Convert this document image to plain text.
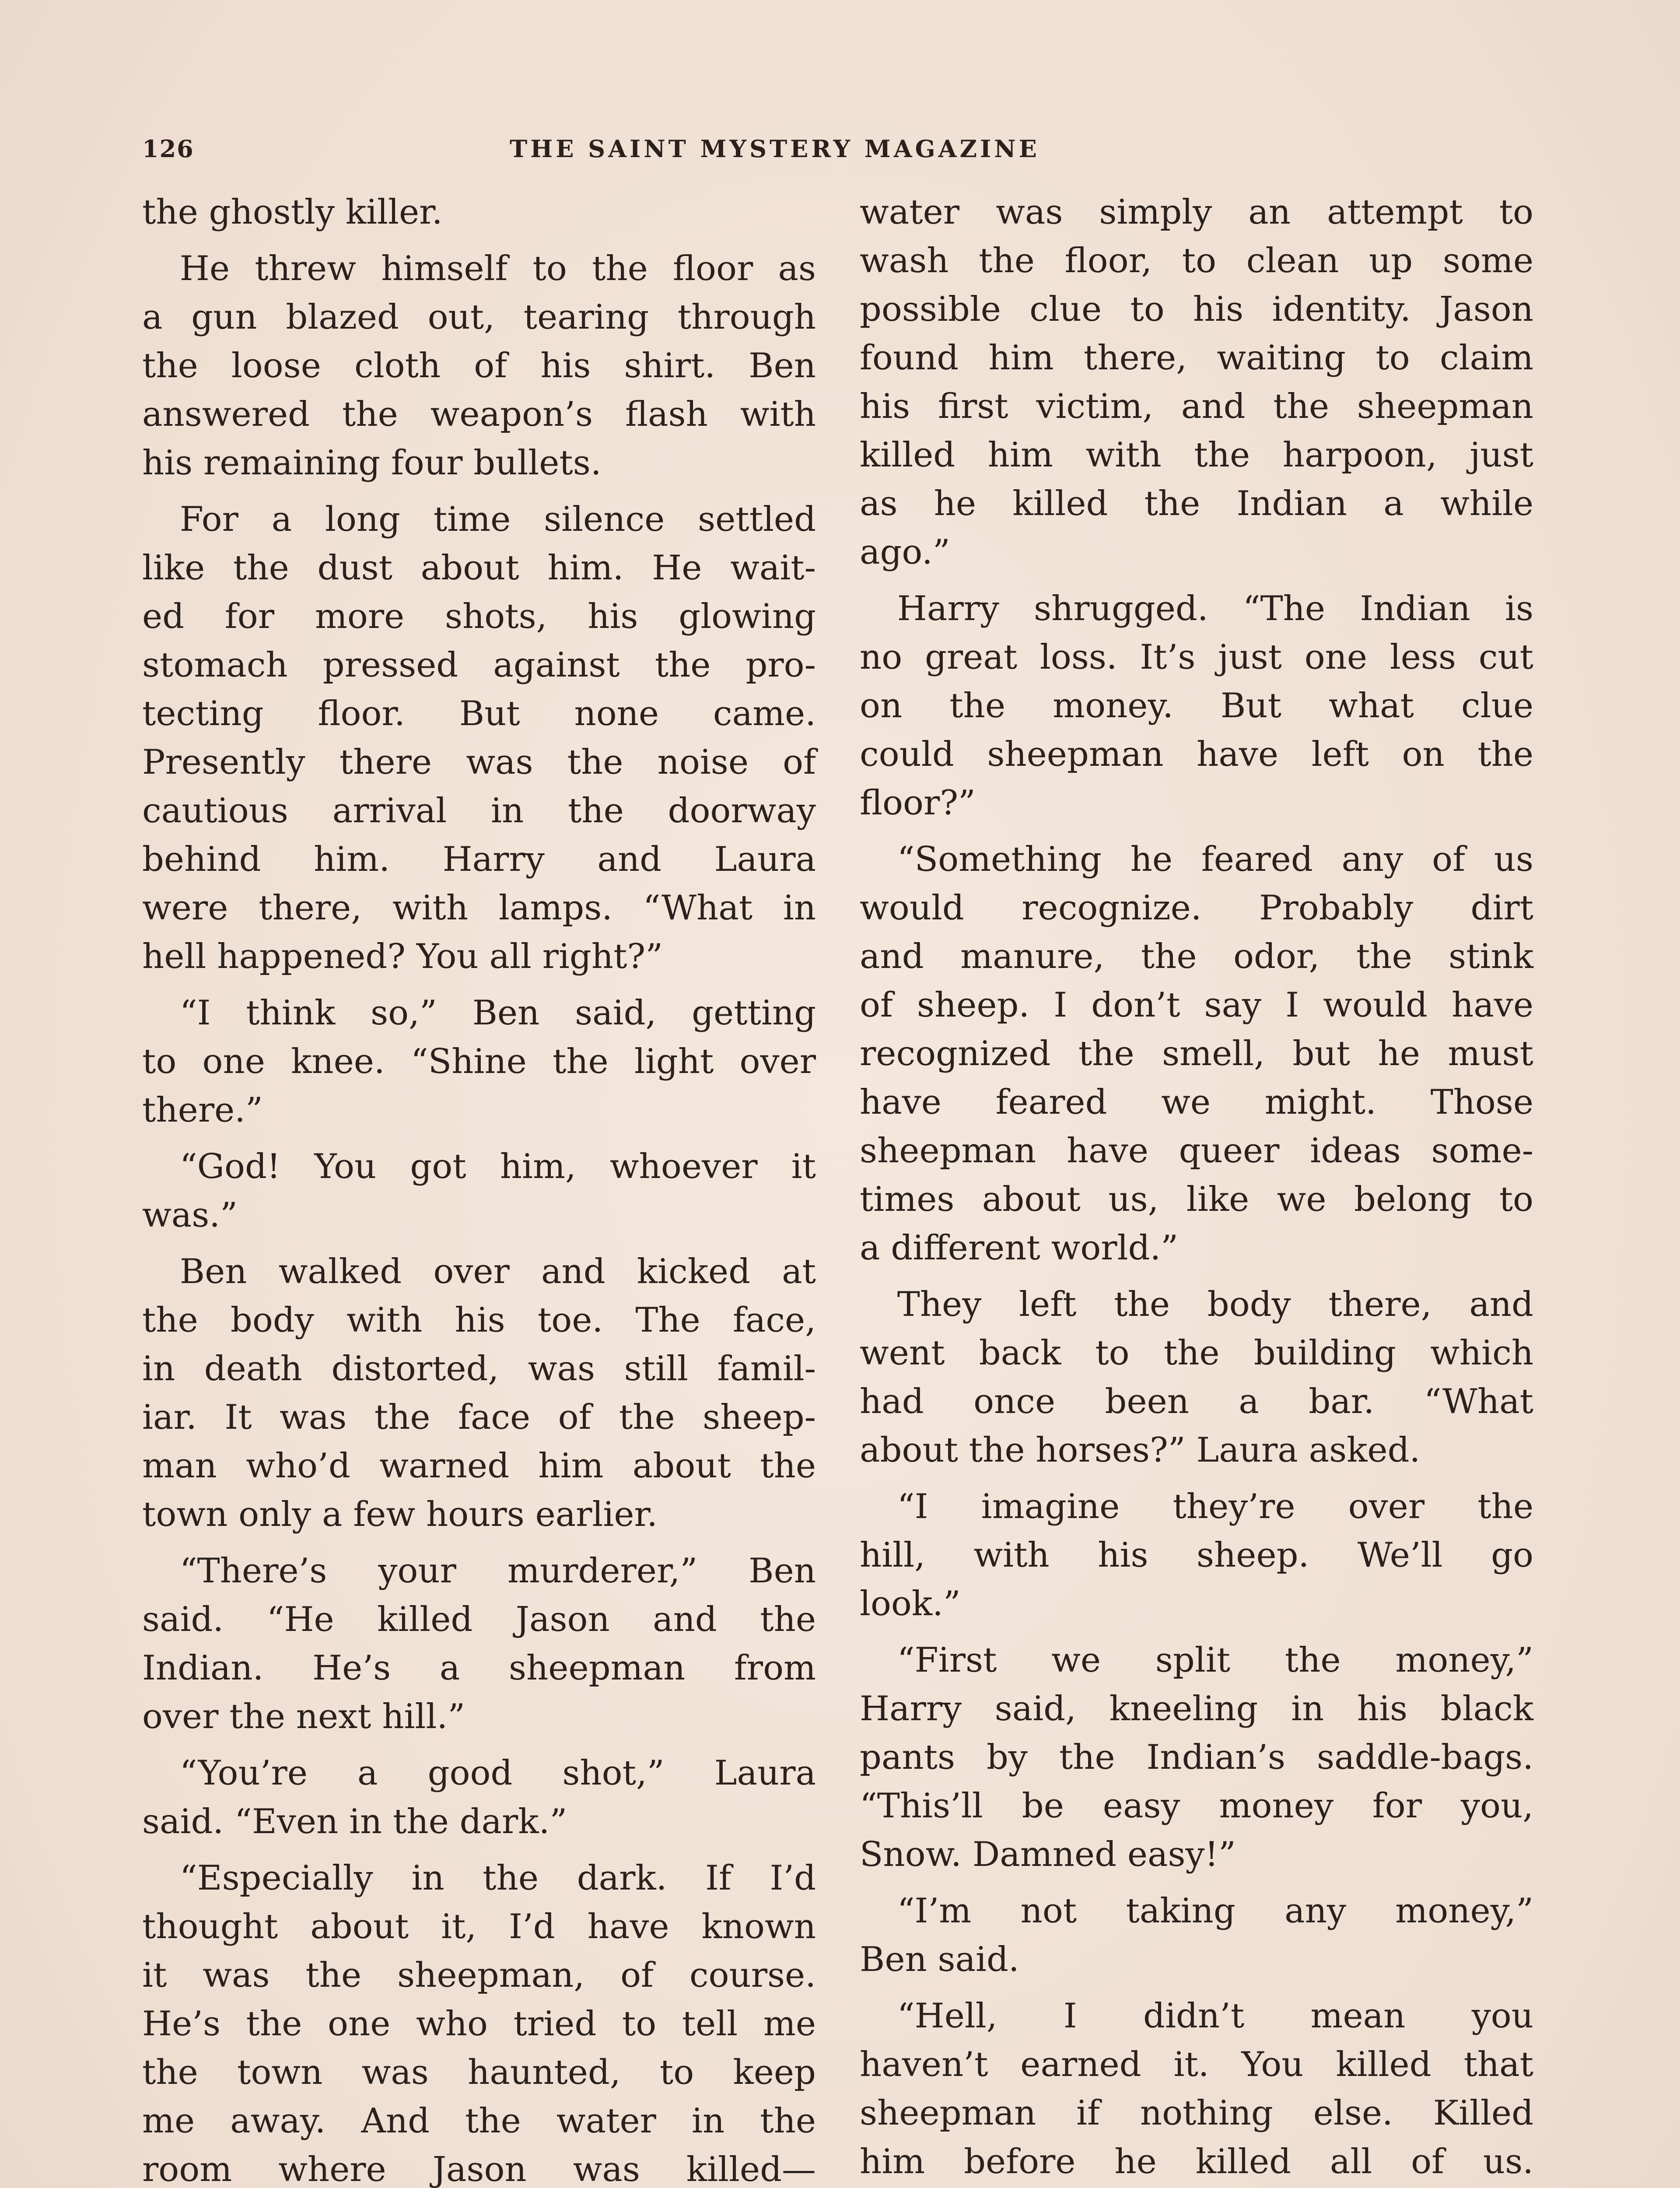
126	THE SAINT MYSTERY MAGAZINE
the ghostly killer.
He threw himself to the floor as
a gun blazed out, tearing through
the loose cloth of his shirt. Ben
answered the weapon’s flash with
his remaining four bullets.
For a long time silence settled
like the dust about him. He wait-
ed for more shots, his glowing
stomach pressed against the pro-
tecting floor. But none came.
Presently there was the noise of
cautious arrival in the doorway
behind him. Harry and Laura
were there, with lamps. “What in
hell happened? You all right?”
“I think so,” Ben said, getting
to one knee. “Shine the light over
there.”
“God! You got him, whoever it
was.”
Ben walked over and kicked at
the body with his toe. The face,
in death distorted, was still famil-
iar. It was the face of the sheep-
man who’d warned him about the
town only a few hours earlier.
“There’s your murderer,” Ben
said. “He killed Jason and the
Indian. He’s a sheepman from
over the next hill.”
“You’re a good shot,” Laura
said. “Even in the dark.”
“Especially in the dark. If I’d
thought about it, I’d have known
it was the sheepman, of course.
He’s the one who tried to tell me
the town was haunted, to keep
me away. And the water in the
room where Jason was killed—
water was simply an attempt to
wash the floor, to clean up some
possible clue to his identity. Jason
found him there, waiting to claim
his first victim, and the sheepman
killed him with the harpoon, just
as he killed the Indian a while
ago.”
Harry shrugged. “The Indian is
no great loss. It’s just one less cut
on the money. But what clue
could sheepman have left on the
floor?”
“Something he feared any of us
would recognize. Probably dirt
and manure, the odor, the stink
of sheep. I don’t say I would have
recognized the smell, but he must
have feared we might. Those
sheepman have queer ideas some-
times about us, like we belong to
a different world.”
They left the body there, and
went back to the building which
had once been a bar. “What
about the horses?” Laura asked.
“I imagine they’re over the
hill, with his sheep. We’ll go
look.”
“First we split the money,”
Harry said, kneeling in his black
pants by the Indian’s saddle-bags.
“This’ll be easy money for you,
Snow. Damned easy!”
“I’m not taking any money,”
Ben said.
“Hell, I didn’t mean you
haven’t earned it. You killed that
sheepman if nothing else. Killed
him before he killed all of us.
